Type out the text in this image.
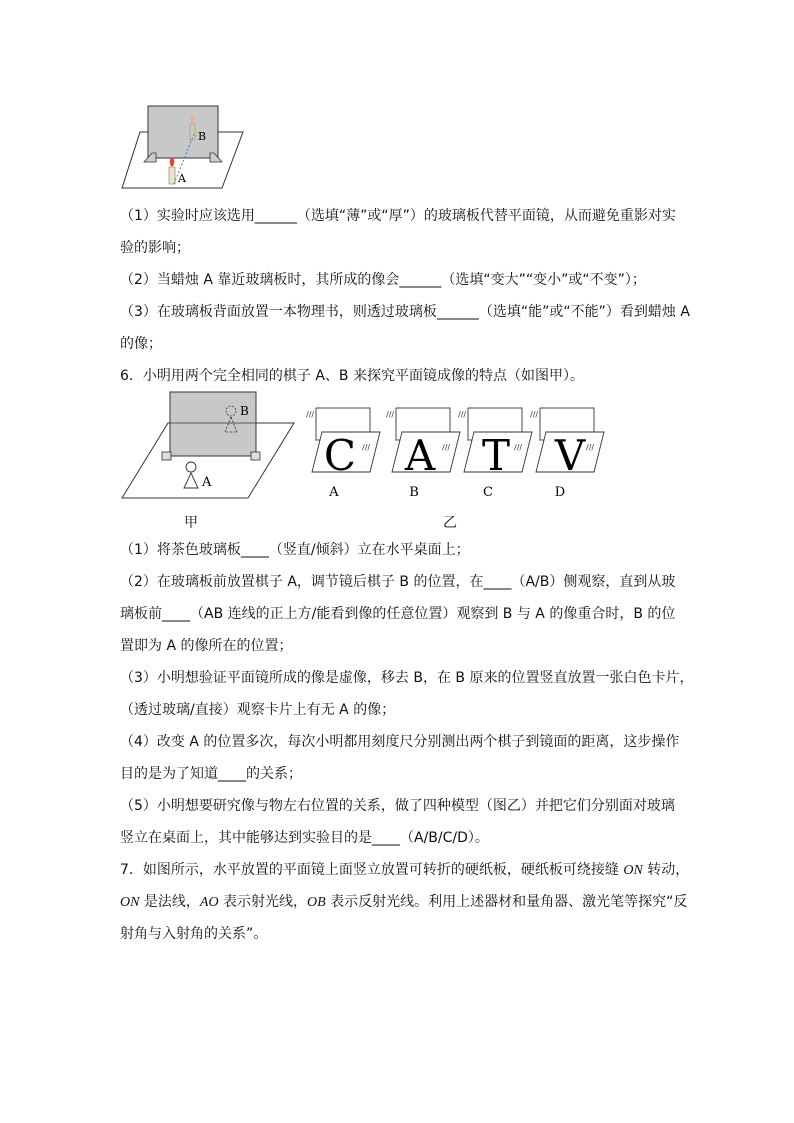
B
A
（1）实验时应该选用______（选填“薄”或“厚”）的玻璃板代替平面镜，从而避免重影对实
验的影响；
（2）当蜡烛 A 靠近玻璃板时，其所成的像会______（选填“变大”“变小”或“不变”）；
（3）在玻璃板背面放置一本物理书，则透过玻璃板______（选填“能”或“不能”）看到蜡烛 A
的像；
6．小明用两个完全相同的棋子 A、B 来探究平面镜成像的特点（如图甲）。
B
A
甲
///
///
C
A
///
///
A
B
///
///
T
C
///
///
V
D
乙
（1）将茶色玻璃板____（竖直/倾斜）立在水平桌面上；
（2）在玻璃板前放置棋子 A，调节镜后棋子 B 的位置，在____（A/B）侧观察，直到从玻
璃板前____（AB 连线的正上方/能看到像的任意位置）观察到 B 与 A 的像重合时，B 的位
置即为 A 的像所在的位置；
（3）小明想验证平面镜所成的像是虚像，移去 B，在 B 原来的位置竖直放置一张白色卡片，
（透过玻璃/直接）观察卡片上有无 A 的像；
（4）改变 A 的位置多次，每次小明都用刻度尺分别测出两个棋子到镜面的距离，这步操作
目的是为了知道____的关系；
（5）小明想要研究像与物左右位置的关系，做了四种模型（图乙）并把它们分别面对玻璃
竖立在桌面上，其中能够达到实验目的是____（A/B/C/D）。
7．如图所示，水平放置的平面镜上面竖立放置可转折的硬纸板，硬纸板可绕接缝 ON 转动，
ON 是法线，AO 表示射光线，OB 表示反射光线。利用上述器材和量角器、激光笔等探究“反
射角与入射角的关系”。
